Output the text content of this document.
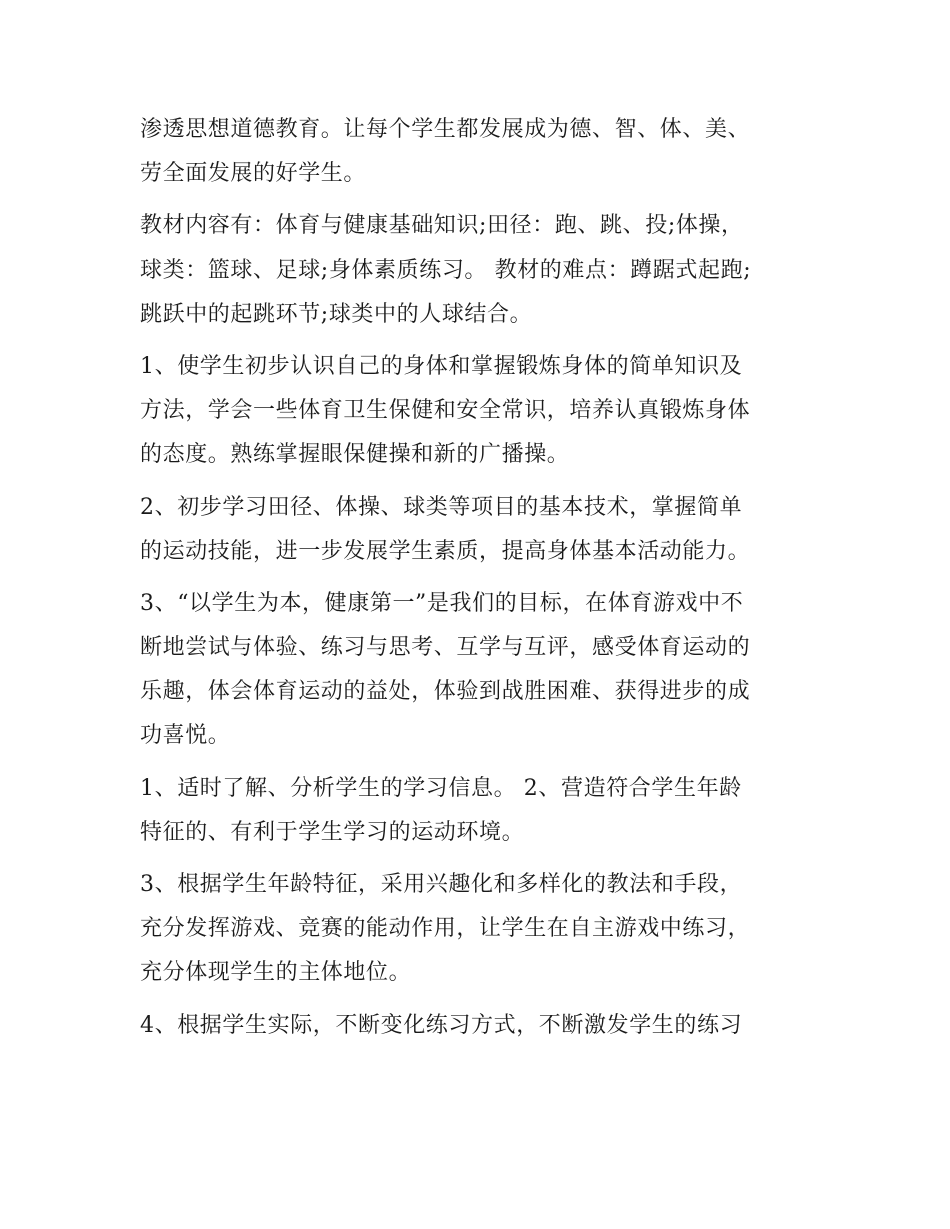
渗透思想道德教育。让每个学生都发展成为德、智、体、美、
劳全面发展的好学生。
教材内容有：体育与健康基础知识;田径：跑、跳、投;体操，
球类：篮球、足球;身体素质练习。 教材的难点：蹲踞式起跑;
跳跃中的起跳环节;球类中的人球结合。
1、使学生初步认识自己的身体和掌握锻炼身体的简单知识及
方法，学会一些体育卫生保健和安全常识，培养认真锻炼身体
的态度。熟练掌握眼保健操和新的广播操。
2、初步学习田径、体操、球类等项目的基本技术，掌握简单
的运动技能，进一步发展学生素质，提高身体基本活动能力。
3、“以学生为本，健康第一”是我们的目标，在体育游戏中不
断地尝试与体验、练习与思考、互学与互评，感受体育运动的
乐趣，体会体育运动的益处，体验到战胜困难、获得进步的成
功喜悦。
1、适时了解、分析学生的学习信息。 2、营造符合学生年龄
特征的、有利于学生学习的运动环境。
3、根据学生年龄特征，采用兴趣化和多样化的教法和手段，
充分发挥游戏、竞赛的能动作用，让学生在自主游戏中练习，
充分体现学生的主体地位。
4、根据学生实际，不断变化练习方式，不断激发学生的练习
